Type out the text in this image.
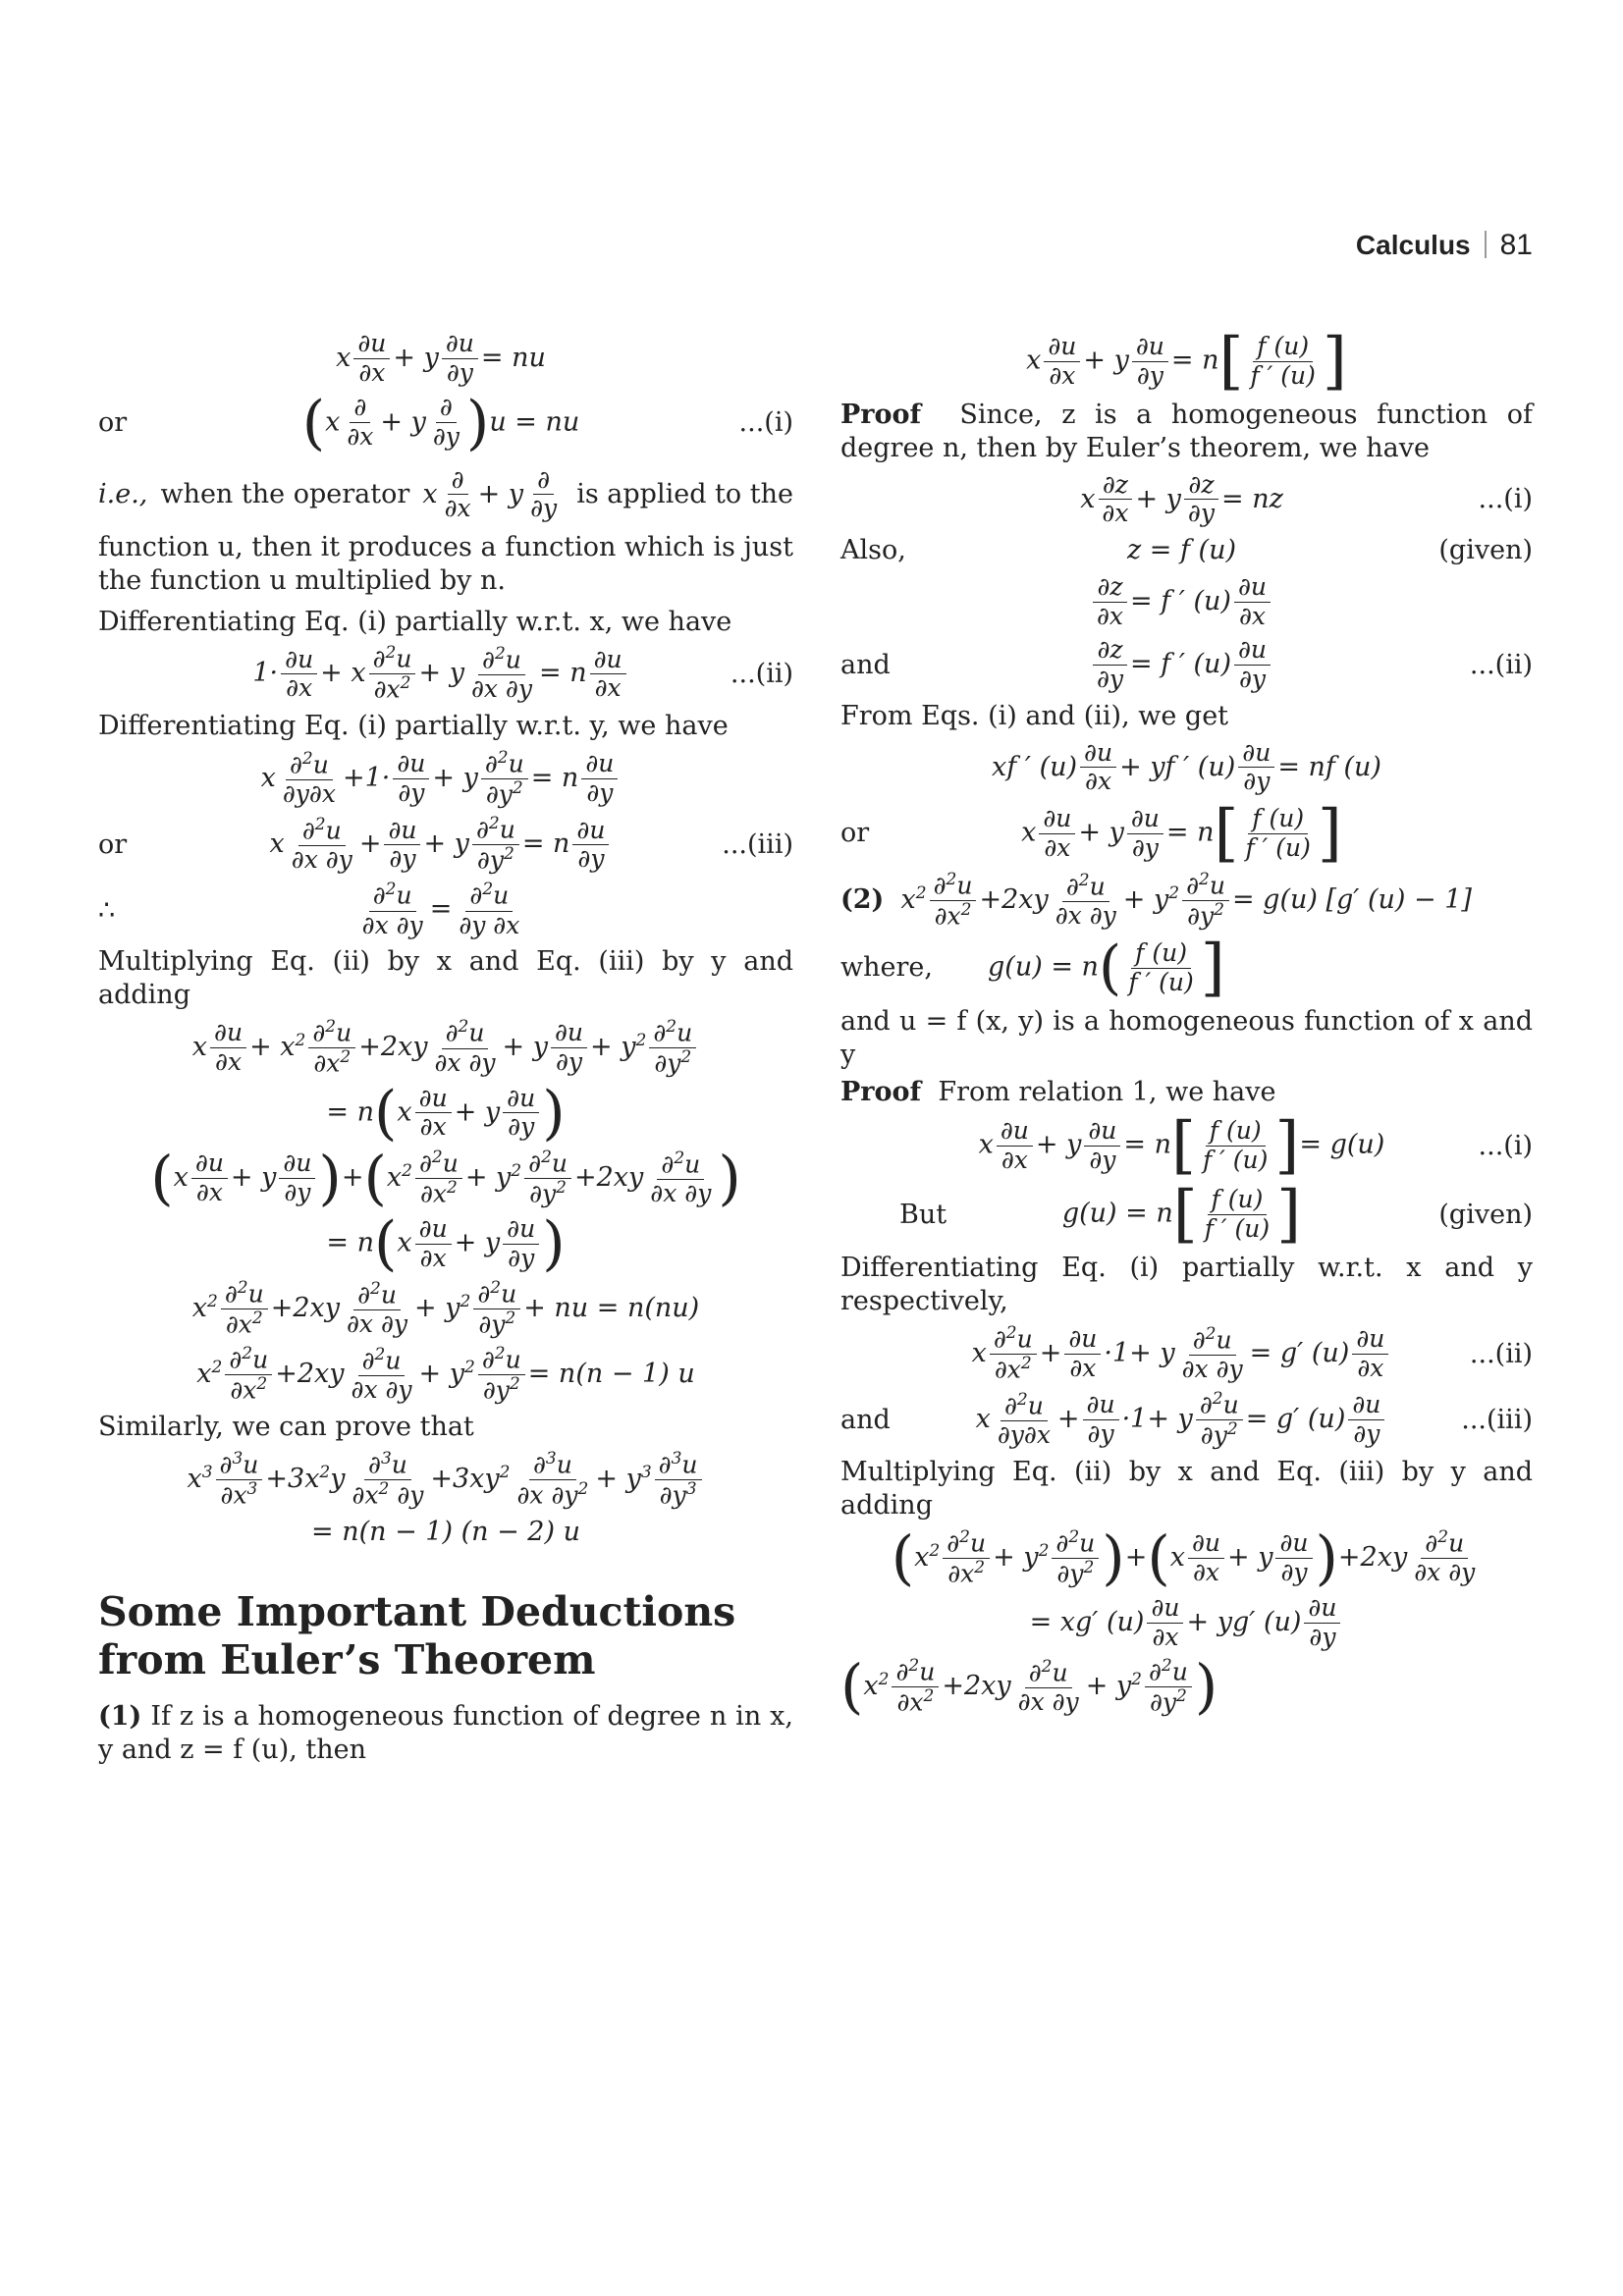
Calculus 81
x $\frac{\partial u}{\partial x} + y \frac{\partial u}{\partial y}$ = nu
or	$(x \frac{\partial}{\partial x} + y \frac{\partial}{\partial y} )u$ = nu	...(i)

i.e., when the operator x $\frac{\partial}{\partial x} + y \frac{\partial}{\partial y}$ is applied to the

function u, then it produces a function which is just the function u multiplied by n.

Differentiating Eq. (i) partially w.r.t. x, we have

$1\cdot \frac{\partial u}{\partial x} + x \frac{\partial^2u}{\partial x^2} + y \frac{\partial^2u}{\partial x \partial y} = n \frac{\partial u}{\partial x}$	...(ii)

Differentiating Eq. (i) partially w.r.t. y, we have

x $\frac{\partial^2u}{\partial y\partial x} +1\cdot \frac{\partial u}{\partial y} + y \frac{\partial^2u}{\partial y^2} = n \frac{\partial u}{\partial y}$
or	x $\frac{\partial^2u}{\partial x \partial y} + \frac{\partial u}{\partial y} + y \frac{\partial^2u}{\partial y^2} = n \frac{\partial u}{\partial y}$	...(iii)
∴	$\frac{\partial^2u}{\partial x \partial y} = \frac{\partial^2u}{\partial y \partial x}$

Multiplying Eq. (ii) by x and Eq. (iii) by y and adding

x $\frac{\partial u}{\partial x} + x^2 \frac{\partial^2u}{\partial x^2} +2xy \frac{\partial^2u}{\partial x \partial y} + y \frac{\partial u}{\partial y} + y^2 \frac{\partial^2u}{\partial y^2}$
= $n(x \frac{\partial u}{\partial x} + y \frac{\partial u}{\partial y}$ )
$(x \frac{\partial u}{\partial x} + y \frac{\partial u}{\partial y} )+(x^2 \frac{\partial^2u}{\partial x^2} + y^2 \frac{\partial^2u}{\partial y^2} +2xy \frac{\partial^2u}{\partial x \partial y}$ )
= $n(x \frac{\partial u}{\partial x} + y \frac{\partial u}{\partial y}$ )
$x^2 \frac{\partial^2u}{\partial x^2} +2xy \frac{\partial^2u}{\partial x \partial y} + y^2 \frac{\partial^2u}{\partial y^2}$ + nu = n(nu)
$x^2 \frac{\partial^2u}{\partial x^2} +2xy \frac{\partial^2u}{\partial x \partial y} + y^2 \frac{\partial^2u}{\partial y^2} = n(n - 1)$ u

Similarly, we can prove that

$x^3 \frac{\partial^3u}{\partial x^3} +3x^2y \frac{\partial^3u}{\partial x^2 \partial y} +3xy^2 \frac{\partial^3u}{\partial x \partial y^2} + y^3 \frac{\partial^3u}{\partial y^3}$
= n(n − 1) (n − 2) u
Some Important Deductions from Euler’s Theorem

(1) If z is a homogeneous function of degree n in x, y and z = f (u), then

x $\frac{\partial u}{\partial x} + y \frac{\partial u}{\partial y} = n[ \frac{f (u)}{f ' (u)}$ ]

Proof Since, z is a homogeneous function of degree n, then by Euler’s theorem, we have

x $\frac{\partial z}{\partial x} + y \frac{\partial z}{\partial y}$ = nz	...(i)
Also,	z = f (u)	(given)
$\frac{\partial z}{\partial x} = f$ ′ $(u) \frac{\partial u}{\partial x}$
and	$\frac{\partial z}{\partial y} = f$ ′ $(u) \frac{\partial u}{\partial y}$	...(ii)

From Eqs. (i) and (ii), we get

xf ′ $(u) \frac{\partial u}{\partial x}$ + yf ′ $(u) \frac{\partial u}{\partial y}$ = nf (u)
or	x $\frac{\partial u}{\partial x} + y \frac{\partial u}{\partial y} = n[ \frac{f (u)}{f ' (u)}$ ]
(2)  $x^2 \frac{\partial^2u}{\partial x^2} +2xy \frac{\partial^2u}{\partial x \partial y} + y^2 \frac{\partial^2u}{\partial y^2} = g(u)$ [g′ (u) − 1]
where,	$g(u) = n( \frac{f (u)}{f ' (u)}$ ]

and u = f (x, y) is a homogeneous function of x and y

Proof From relation 1, we have

x $\frac{\partial u}{\partial x} + y \frac{\partial u}{\partial y} = n[ \frac{f (u)}{f ' (u)}$ ]= g(u)	...(i)
But	$g(u) = n[ \frac{f (u)}{f ' (u)}$ ]	(given)

Differentiating Eq. (i) partially w.r.t. x and y respectively,

x $\frac{\partial^2u}{\partial x^2} + \frac{\partial u}{\partial x} \cdot 1+ y \frac{\partial^2u}{\partial x \partial y} = g'$ $(u) \frac{\partial u}{\partial x}$	...(ii)
and	x $\frac{\partial^2u}{\partial y\partial x} + \frac{\partial u}{\partial y} \cdot 1+ y \frac{\partial^2u}{\partial y^2} = g'$ $(u) \frac{\partial u}{\partial y}$	...(iii)

Multiplying Eq. (ii) by x and Eq. (iii) by y and adding

$(x^2 \frac{\partial^2u}{\partial x^2} + y^2 \frac{\partial^2u}{\partial y^2} )+(x \frac{\partial u}{\partial x} + y \frac{\partial u}{\partial y} )+2xy \frac{\partial^2u}{\partial x \partial y}$
= xg′ $(u) \frac{\partial u}{\partial x} + yg'$ $(u) \frac{\partial u}{\partial y}$
($x^2 \frac{\partial^2u}{\partial x^2} +2xy \frac{\partial^2u}{\partial x \partial y} + y^2 \frac{\partial^2u}{\partial y^2}$ )
